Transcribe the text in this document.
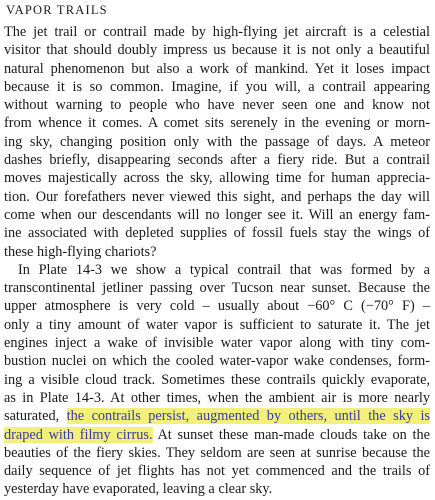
VAPOR TRAILS
The jet trail or contrail made by high-flying jet aircraft is a celestial
visitor that should doubly impress us because it is not only a beautiful
natural phenomenon but also a work of mankind. Yet it loses impact
because it is so common. Imagine, if you will, a contrail appearing
without warning to people who have never seen one and know not
from whence it comes. A comet sits serenely in the evening or morn-
ing sky, changing position only with the passage of days. A meteor
dashes briefly, disappearing seconds after a fiery ride. But a contrail
moves majestically across the sky, allowing time for human apprecia-
tion. Our forefathers never viewed this sight, and perhaps the day will
come when our descendants will no longer see it. Will an energy fam-
ine associated with depleted supplies of fossil fuels stay the wings of
these high-flying chariots?
In Plate 14-3 we show a typical contrail that was formed by a
transcontinental jetliner passing over Tucson near sunset. Because the
upper atmosphere is very cold – usually about −60° C (−70° F) –
only a tiny amount of water vapor is sufficient to saturate it. The jet
engines inject a wake of invisible water vapor along with tiny com-
bustion nuclei on which the cooled water-vapor wake condenses, form-
ing a visible cloud track. Sometimes these contrails quickly evaporate,
as in Plate 14-3. At other times, when the ambient air is more nearly
saturated, the contrails persist, augmented by others, until the sky is
draped with filmy cirrus. At sunset these man-made clouds take on the
beauties of the fiery skies. They seldom are seen at sunrise because the
daily sequence of jet flights has not yet commenced and the trails of
yesterday have evaporated, leaving a clear sky.
